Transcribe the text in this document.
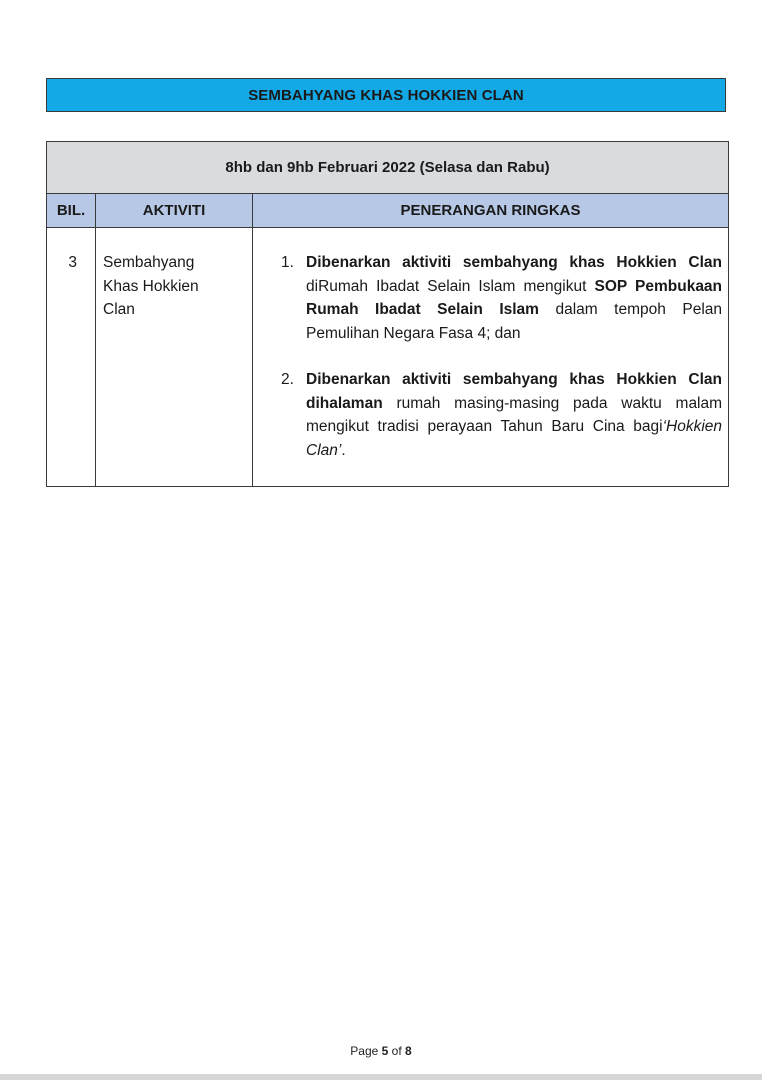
SEMBAHYANG KHAS HOKKIEN CLAN
8hb dan 9hb Februari 2022 (Selasa dan Rabu)		
BIL.	AKTIVITI	PENERANGAN RINGKAS
3	Sembahyang Khas Hokkien Clan	1. Dibenarkan aktiviti sembahyang khas Hokkien Clan diRumah Ibadat Selain Islam mengikut SOP Pembukaan Rumah Ibadat Selain Islam dalam tempoh Pelan Pemulihan Negara Fasa 4; dan
2. Dibenarkan aktiviti sembahyang khas Hokkien Clan dihalaman rumah masing-masing pada waktu malam mengikut tradisi perayaan Tahun Baru Cina bagi‘Hokkien Clan’.
Page 5 of 8
